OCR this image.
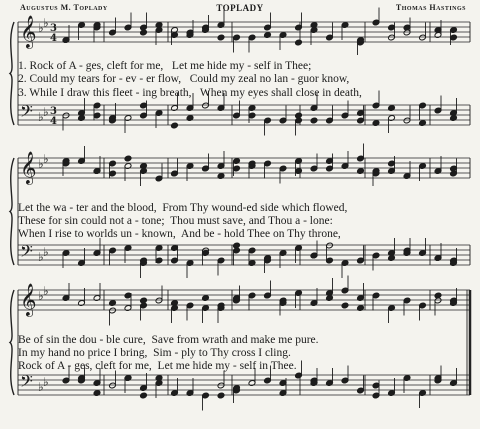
Augustus M. Toplady	TOPLADY	Thomas Hastings
𝄞 ♭ ♭ 3
4
𝄢 ♭ ♭ 3
4
𝄞 ♭ ♭
𝄢 ♭ ♭
𝄞 ♭ ♭
𝄢 ♭ ♭
1. Rock of A - ges, cleft for me,   Let me hide my - self in Thee;
2. Could my tears for - ev - er flow,   Could my zeal no lan - guor know,
3. While I draw this fleet - ing breath,   When my eyes shall close in death,
Let the wa - ter and the blood,  From Thy wound-ed side which flowed,
These for sin could not a - tone;  Thou must save, and Thou a - lone:
When I rise to worlds un - known,  And be - hold Thee on Thy throne,
Be of sin the dou - ble cure,  Save from wrath and make me pure.
In my hand no price I bring,  Sim - ply to Thy cross I cling.
Rock of A - ges, cleft for me,  Let me hide my - self in Thee.
